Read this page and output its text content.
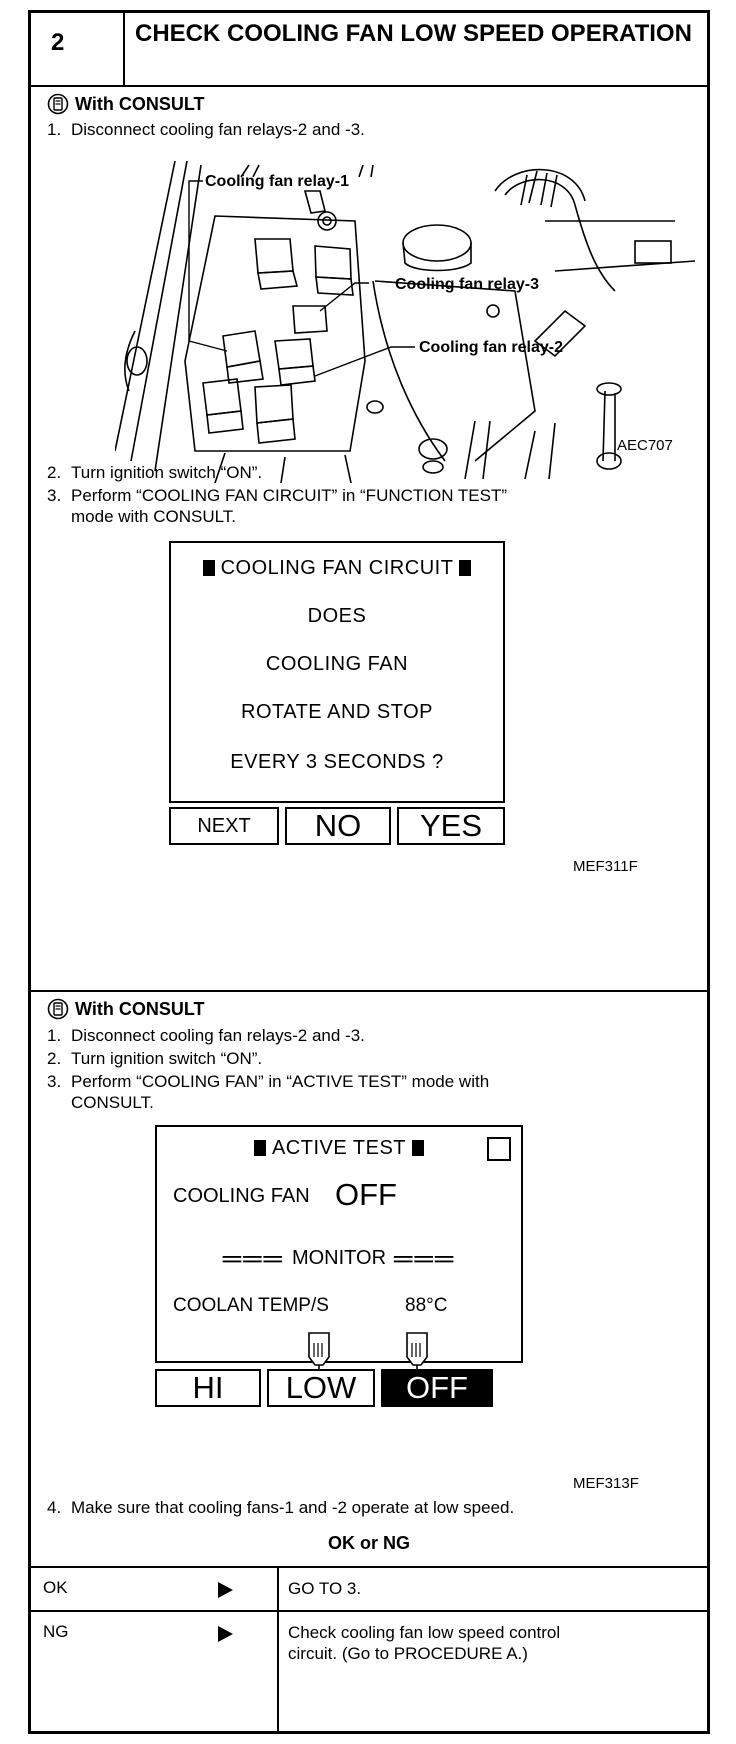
2	CHECK COOLING FAN LOW SPEED OPERATION
With CONSULT
1. Disconnect cooling fan relays-2 and -3.
Cooling fan relay-1
Cooling fan relay-3
Cooling fan relay-2
AEC707
2. Turn ignition switch “ON”.
3. Perform “COOLING FAN CIRCUIT” in “FUNCTION TEST”
mode with CONSULT.
COOLING FAN CIRCUIT
DOES
COOLING FAN
ROTATE AND STOP
EVERY 3 SECONDS ?
NEXT	NO	YES
MEF311F
With CONSULT
1. Disconnect cooling fan relays-2 and -3.
2. Turn ignition switch “ON”.
3. Perform “COOLING FAN” in “ACTIVE TEST” mode with
CONSULT.
ACTIVE TEST
COOLING FAN OFF
═══ MONITOR ═══
COOLAN TEMP/S	88°C
HI	LOW	OFF
MEF313F
4. Make sure that cooling fans-1 and -2 operate at low speed.
OK or NG
OK	GO TO 3.
NG	Check cooling fan low speed control
circuit. (Go to PROCEDURE A.)
